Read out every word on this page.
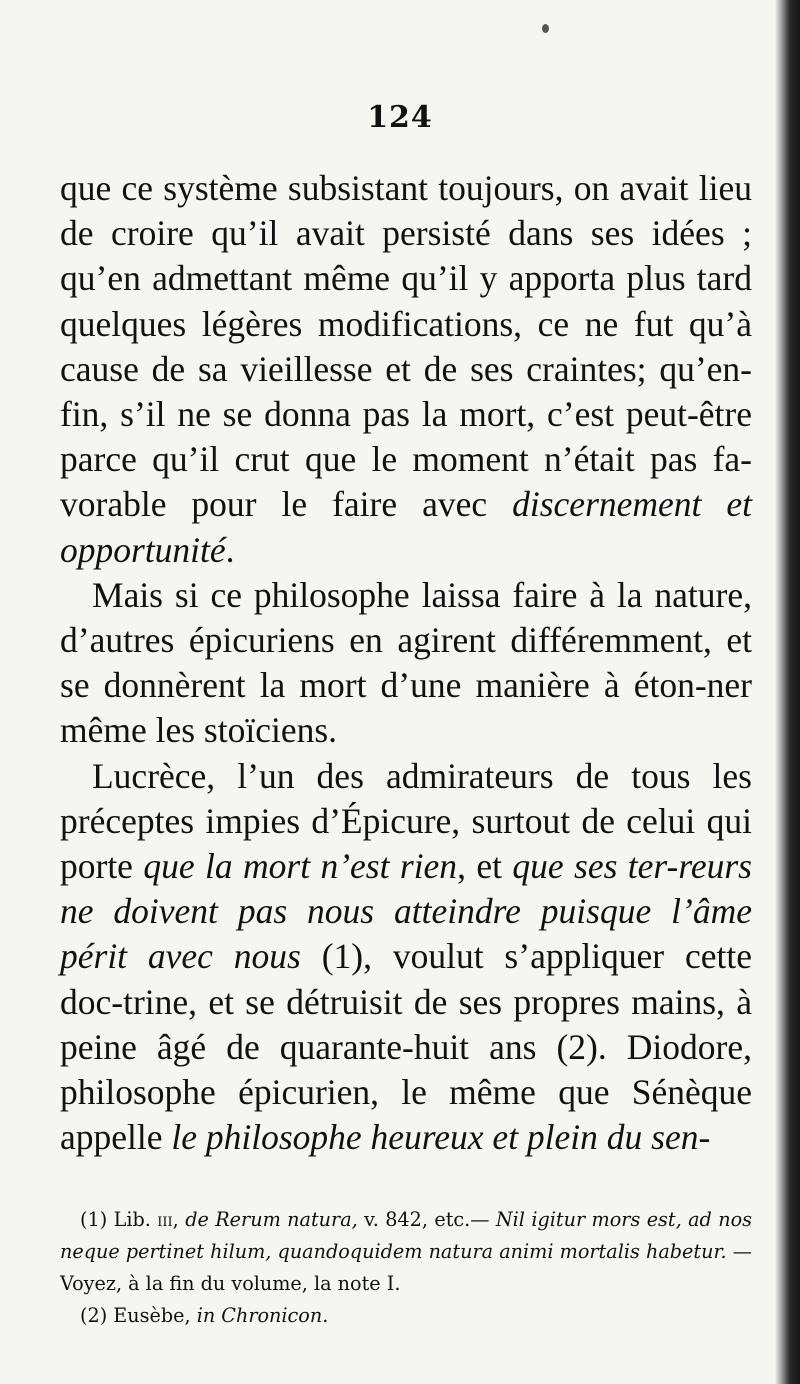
124

que ce système subsistant toujours, on avait lieu de croire qu’il avait persisté dans ses idées ; qu’en admettant même qu’il y apporta plus tard quelques légères modifications, ce ne fut qu’à cause de sa vieillesse et de ses craintes; qu’en- fin, s’il ne se donna pas la mort, c’est peut-être parce qu’il crut que le moment n’était pas fa- vorable pour le faire avec discernement et opportunité.

Mais si ce philosophe laissa faire à la nature, d’autres épicuriens en agirent différemment, et se donnèrent la mort d’une manière à éton-ner même les stoïciens.

Lucrèce, l’un des admirateurs de tous les préceptes impies d’Épicure, surtout de celui qui porte que la mort n’est rien, et que ses ter-reurs ne doivent pas nous atteindre puisque l’âme périt avec nous (1), voulut s’appliquer cette doc-trine, et se détruisit de ses propres mains, à peine âgé de quarante-huit ans (2). Diodore, philosophe épicurien, le même que Sénèque appelle le philosophe heureux et plein du sen-

(1) Lib. iii, de Rerum natura, v. 842, etc.— Nil igitur mors est, ad nos neque pertinet hilum, quandoquidem natura animi mortalis habetur. — Voyez, à la fin du volume, la note I.

(2) Eusèbe, in Chronicon.
